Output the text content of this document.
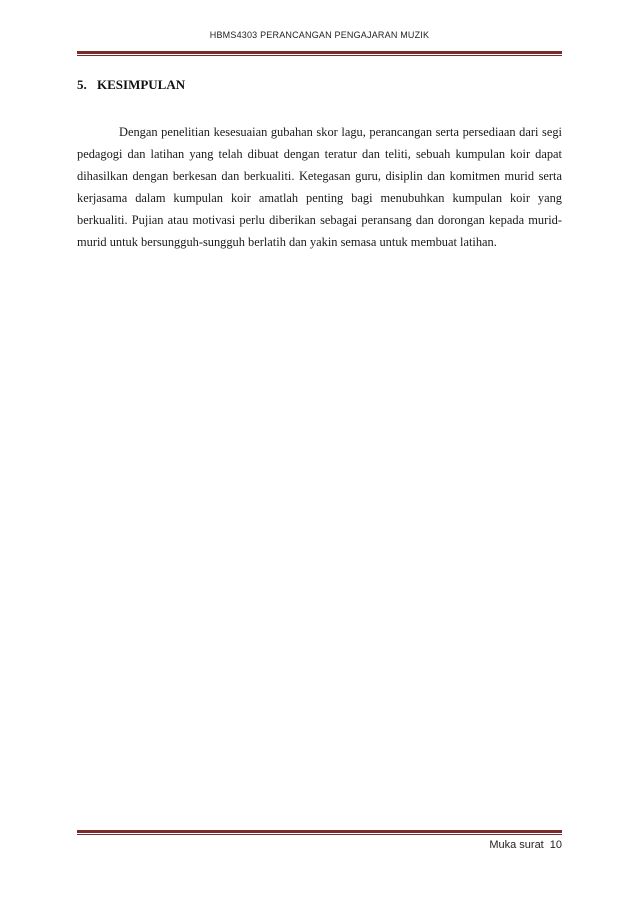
HBMS4303 PERANCANGAN PENGAJARAN MUZIK
5. KESIMPULAN

Dengan penelitian kesesuaian gubahan skor lagu, perancangan serta persediaan dari segi pedagogi dan latihan yang telah dibuat dengan teratur dan teliti, sebuah kumpulan koir dapat dihasilkan dengan berkesan dan berkualiti. Ketegasan guru, disiplin dan komitmen murid serta kerjasama dalam kumpulan koir amatlah penting bagi menubuhkan kumpulan koir yang berkualiti. Pujian atau motivasi perlu diberikan sebagai peransang dan dorongan kepada murid-murid untuk bersungguh-sungguh berlatih dan yakin semasa untuk membuat latihan.

Muka surat 10
